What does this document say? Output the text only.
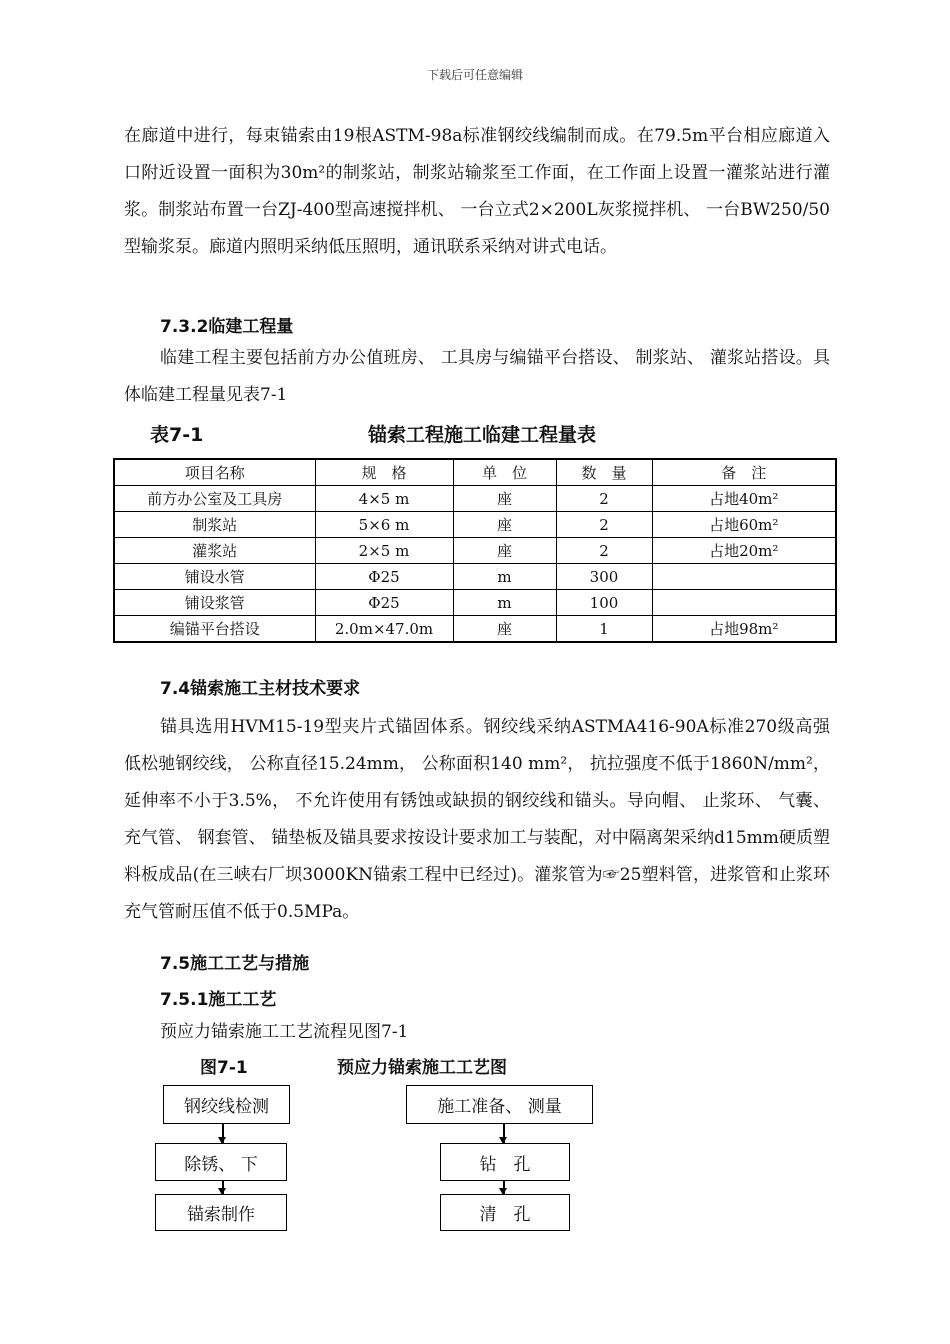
下载后可任意编辑

在廊道中进行，每束锚索由19根ASTM-98a标准钢绞线编制而成。在79.5m平台相应廊道入口附近设置一面积为30m²的制浆站，制浆站输浆至工作面，在工作面上设置一灌浆站进行灌浆。制浆站布置一台ZJ-400型高速搅拌机、 一台立式2×200L灰浆搅拌机、 一台BW250/50型输浆泵。廊道内照明采纳低压照明，通讯联系采纳对讲式电话。

7.3.2临建工程量

临建工程主要包括前方办公值班房、 工具房与编锚平台搭设、 制浆站、 灌浆站搭设。具体临建工程量见表7-1

表7-1	锚索工程施工临建工程量表
项目名称	规　格	单　位	数　量	备　注
前方办公室及工具房	4×5 m	座	2	占地40m²
制浆站	5×6 m	座	2	占地60m²
灌浆站	2×5 m	座	2	占地20m²
铺设水管	Φ25	m	300	
铺设浆管	Φ25	m	100	
编锚平台搭设	2.0m×47.0m	座	1	占地98m²
7.4锚索施工主材技术要求

锚具选用HVM15-19型夹片式锚固体系。钢绞线采纳ASTMA416-90A标准270级高强低松驰钢绞线， 公称直径15.24mm， 公称面积140 mm²， 抗拉强度不低于1860N/mm²， 延伸率不小于3.5%， 不允许使用有锈蚀或缺损的钢绞线和锚头。导向帽、 止浆环、 气囊、 充气管、 钢套管、 锚垫板及锚具要求按设计要求加工与装配，对中隔离架采纳d15mm硬质塑料板成品(在三峡右厂坝3000KN锚索工程中已经过)。灌浆管为☞25塑料管，进浆管和止浆环充气管耐压值不低于0.5MPa。

7.5施工工艺与措施
7.5.1施工工艺
预应力锚索施工工艺流程见图7-1
图7-1	预应力锚索施工工艺图
钢绞线检测
除锈、 下
锚索制作
施工准备、 测量
钻　孔
清　孔
